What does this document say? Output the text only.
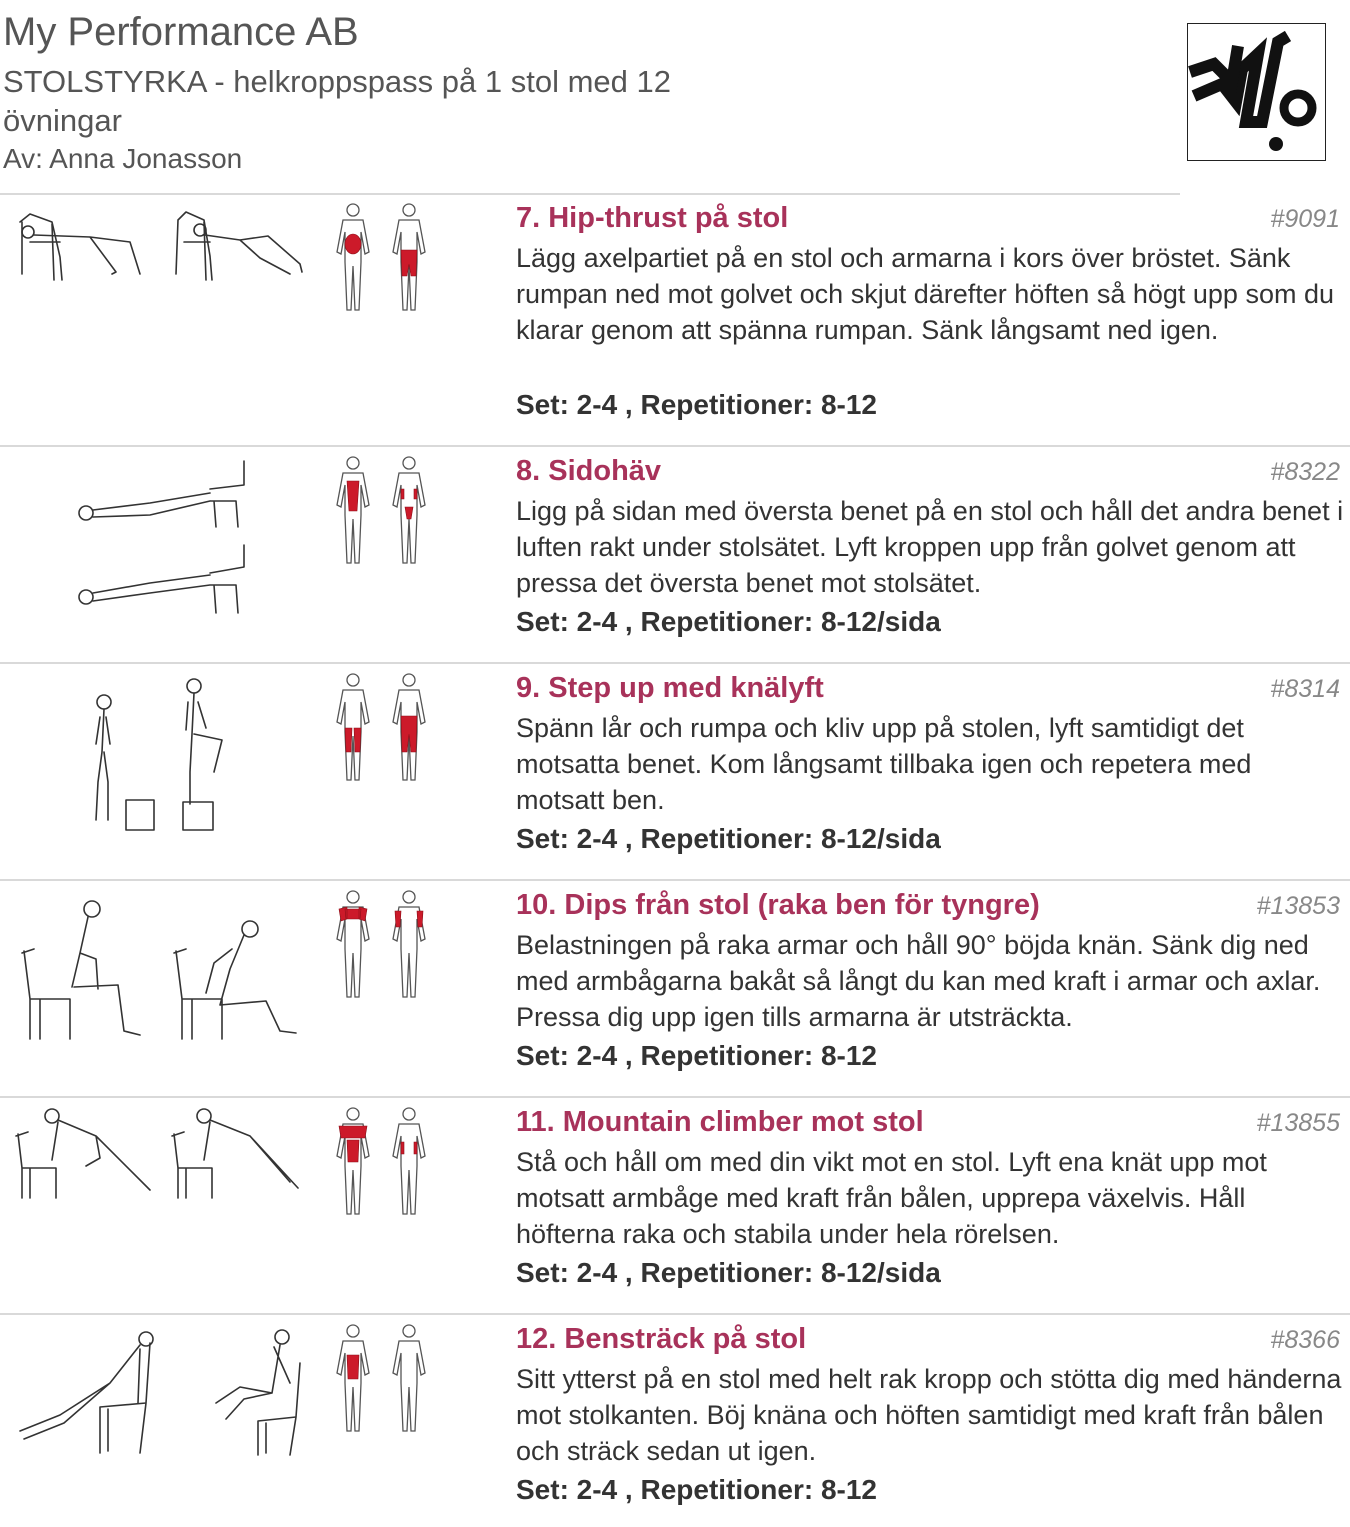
My Performance AB
STOLSTYRKA - helkroppspass på 1 stol med 12 övningar
Av: Anna Jonasson
7. Hip-thrust på stol	#9091
Lägg axelpartiet på en stol och armarna i kors över bröstet. Sänk rumpan ned mot golvet och skjut därefter höften så högt upp som du klarar genom att spänna rumpan. Sänk långsamt ned igen.
Set: 2-4 , Repetitioner: 8-12
8. Sidohäv	#8322
Ligg på sidan med översta benet på en stol och håll det andra benet i luften rakt under stolsätet. Lyft kroppen upp från golvet genom att pressa det översta benet mot stolsätet.
Set: 2-4 , Repetitioner: 8-12/sida
9. Step up med knälyft	#8314
Spänn lår och rumpa och kliv upp på stolen, lyft samtidigt det motsatta benet. Kom långsamt tillbaka igen och repetera med motsatt ben.
Set: 2-4 , Repetitioner: 8-12/sida
10. Dips från stol (raka ben för tyngre)	#13853
Belastningen på raka armar och håll 90° böjda knän. Sänk dig ned med armbågarna bakåt så långt du kan med kraft i armar och axlar. Pressa dig upp igen tills armarna är utsträckta.
Set: 2-4 , Repetitioner: 8-12
11. Mountain climber mot stol	#13855
Stå och håll om med din vikt mot en stol. Lyft ena knät upp mot motsatt armbåge med kraft från bålen, upprepa växelvis. Håll höfterna raka och stabila under hela rörelsen.
Set: 2-4 , Repetitioner: 8-12/sida
12. Bensträck på stol	#8366
Sitt ytterst på en stol med helt rak kropp och stötta dig med händerna mot stolkanten. Böj knäna och höften samtidigt med kraft från bålen och sträck sedan ut igen.
Set: 2-4 , Repetitioner: 8-12
